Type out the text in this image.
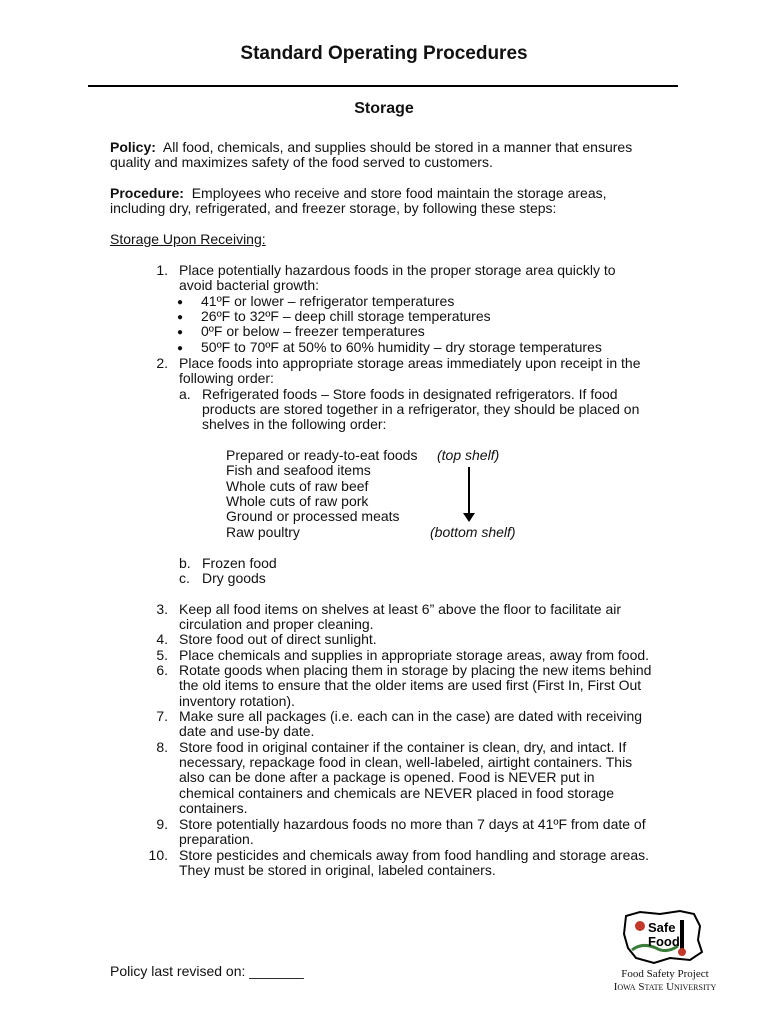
Standard Operating Procedures
Storage
Policy: All food, chemicals, and supplies should be stored in a manner that ensures
quality and maximizes safety of the food served to customers.
Procedure: Employees who receive and store food maintain the storage areas,
including dry, refrigerated, and freezer storage, by following these steps:
Storage Upon Receiving:
1. Place potentially hazardous foods in the proper storage area quickly to
avoid bacterial growth:
● 41ºF or lower – refrigerator temperatures
● 26ºF to 32ºF – deep chill storage temperatures
● 0ºF or below – freezer temperatures
● 50ºF to 70ºF at 50% to 60% humidity – dry storage temperatures
2. Place foods into appropriate storage areas immediately upon receipt in the
following order:
a. Refrigerated foods – Store foods in designated refrigerators. If food
products are stored together in a refrigerator, they should be placed on
shelves in the following order:
Prepared or ready-to-eat foods (top shelf)
Fish and seafood items
Whole cuts of raw beef
Whole cuts of raw pork
Ground or processed meats
Raw poultry	(bottom shelf)
b. Frozen food
c. Dry goods
3. Keep all food items on shelves at least 6” above the floor to facilitate air
circulation and proper cleaning.
4. Store food out of direct sunlight.
5. Place chemicals and supplies in appropriate storage areas, away from food.
6. Rotate goods when placing them in storage by placing the new items behind
the old items to ensure that the older items are used first (First In, First Out
inventory rotation).
7. Make sure all packages (i.e. each can in the case) are dated with receiving
date and use-by date.
8. Store food in original container if the container is clean, dry, and intact. If
necessary, repackage food in clean, well-labeled, airtight containers. This
also can be done after a package is opened. Food is NEVER put in
chemical containers and chemicals are NEVER placed in food storage
containers.
9. Store potentially hazardous foods no more than 7 days at 41ºF from date of
preparation.
10. Store pesticides and chemicals away from food handling and storage areas.
They must be stored in original, labeled containers.
Policy last revised on: _______
Safe
Food
Food Safety Project
Iowa State University
